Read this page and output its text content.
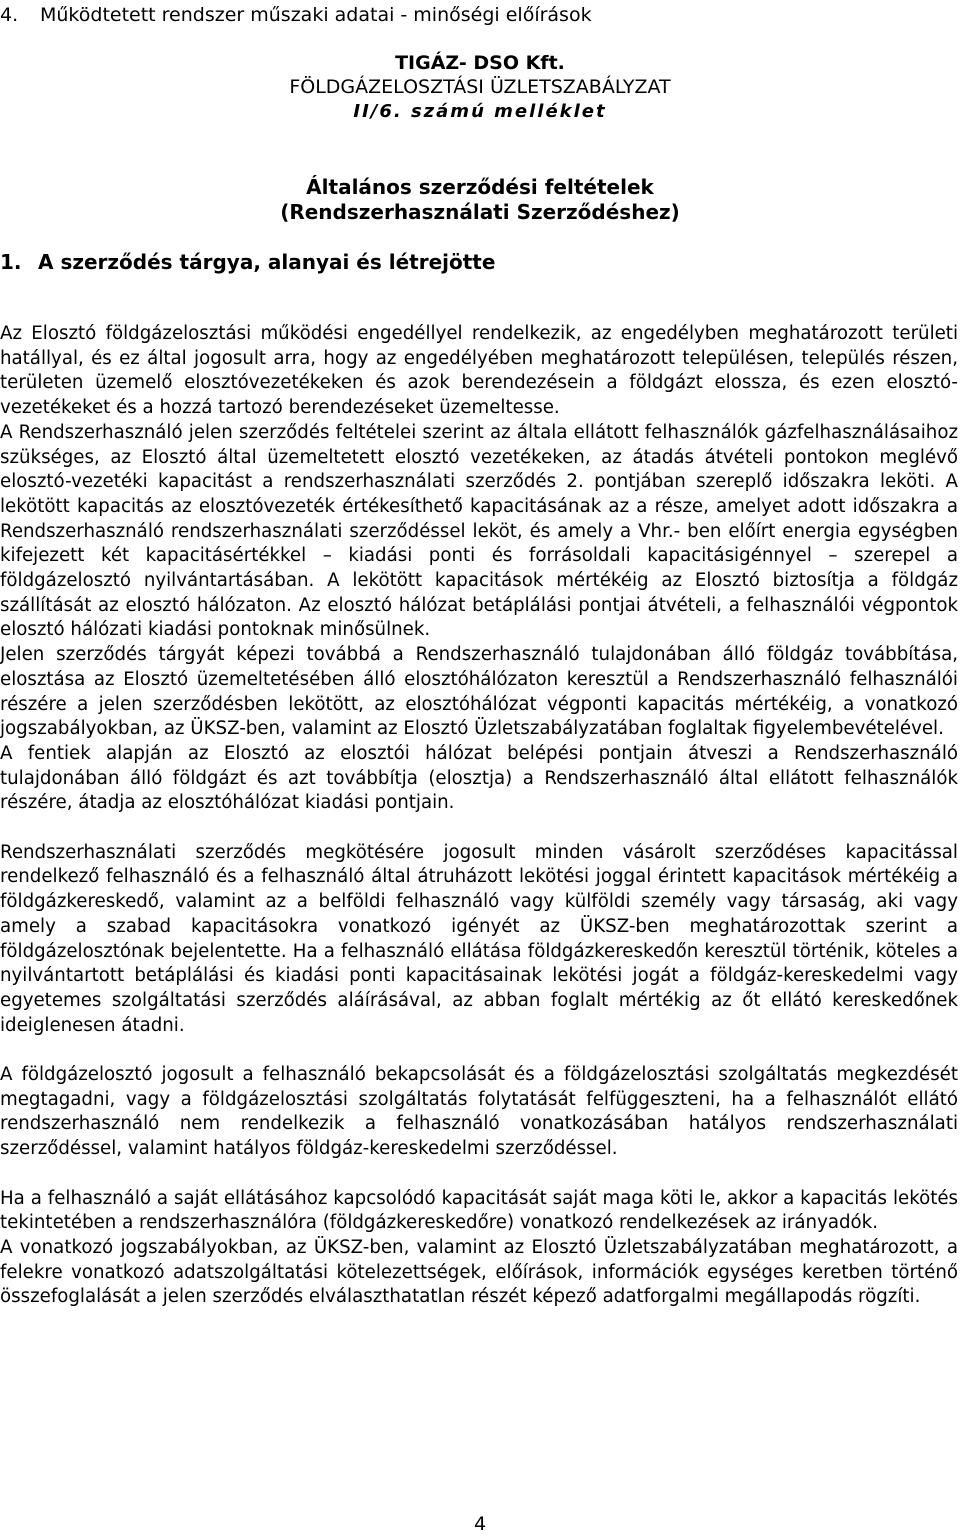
4. Működtetett rendszer műszaki adatai - minőségi előírások
TIGÁZ- DSO Kft.
FÖLDGÁZELOSZTÁSI ÜZLETSZABÁLYZAT
II/6. számú melléklet
Általános szerződési feltételek
(Rendszerhasználati Szerződéshez)
1. A szerződés tárgya, alanyai és létrejötte

Az Elosztó földgázelosztási működési engedéllyel rendelkezik, az engedélyben meghatározott területi hatállyal, és ez által jogosult arra, hogy az engedélyében meghatározott településen, település részen, területen üzemelő elosztóvezetékeken és azok berendezésein a földgázt elossza, és ezen elosztó- vezetékeket és a hozzá tartozó berendezéseket üzemeltesse.

A Rendszerhasználó jelen szerződés feltételei szerint az általa ellátott felhasználók gázfelhasználásaihoz szükséges, az Elosztó által üzemeltetett elosztó vezetékeken, az átadás átvételi pontokon meglévő elosztó-vezetéki kapacitást a rendszerhasználati szerződés 2. pontjában szereplő időszakra leköti. A lekötött kapacitás az elosztóvezeték értékesíthető kapacitásának az a része, amelyet adott időszakra a Rendszerhasználó rendszerhasználati szerződéssel leköt, és amely a Vhr.- ben előírt energia egységben kifejezett két kapacitásértékkel – kiadási ponti és forrásoldali kapacitásigénnyel – szerepel a földgázelosztó nyilvántartásában. A lekötött kapacitások mértékéig az Elosztó biztosítja a földgáz szállítását az elosztó hálózaton. Az elosztó hálózat betáplálási pontjai átvételi, a felhasználói végpontok elosztó hálózati kiadási pontoknak minősülnek.

Jelen szerződés tárgyát képezi továbbá a Rendszerhasználó tulajdonában álló földgáz továbbítása, elosztása az Elosztó üzemeltetésében álló elosztóhálózaton keresztül a Rendszerhasználó felhasználói részére a jelen szerződésben lekötött, az elosztóhálózat végponti kapacitás mértékéig, a vonatkozó jogszabályokban, az ÜKSZ-ben, valamint az Elosztó Üzletszabályzatában foglaltak figyelembevételével.

A fentiek alapján az Elosztó az elosztói hálózat belépési pontjain átveszi a Rendszerhasználó tulajdonában álló földgázt és azt továbbítja (elosztja) a Rendszerhasználó által ellátott felhasználók részére, átadja az elosztóhálózat kiadási pontjain.

Rendszerhasználati szerződés megkötésére jogosult minden vásárolt szerződéses kapacitással rendelkező felhasználó és a felhasználó által átruházott lekötési joggal érintett kapacitások mértékéig a földgázkereskedő, valamint az a belföldi felhasználó vagy külföldi személy vagy társaság, aki vagy amely a szabad kapacitásokra vonatkozó igényét az ÜKSZ-ben meghatározottak szerint a földgázelosztónak bejelentette. Ha a felhasználó ellátása földgázkereskedőn keresztül történik, köteles a nyilvántartott betáplálási és kiadási ponti kapacitásainak lekötési jogát a földgáz-kereskedelmi vagy egyetemes szolgáltatási szerződés aláírásával, az abban foglalt mértékig az őt ellátó kereskedőnek ideiglenesen átadni.

A földgázelosztó jogosult a felhasználó bekapcsolását és a földgázelosztási szolgáltatás megkezdését megtagadni, vagy a földgázelosztási szolgáltatás folytatását felfüggeszteni, ha a felhasználót ellátó rendszerhasználó nem rendelkezik a felhasználó vonatkozásában hatályos rendszerhasználati szerződéssel, valamint hatályos földgáz-kereskedelmi szerződéssel.

Ha a felhasználó a saját ellátásához kapcsolódó kapacitását saját maga köti le, akkor a kapacitás lekötés tekintetében a rendszerhasználóra (földgázkereskedőre) vonatkozó rendelkezések az irányadók.

A vonatkozó jogszabályokban, az ÜKSZ-ben, valamint az Elosztó Üzletszabályzatában meghatározott, a felekre vonatkozó adatszolgáltatási kötelezettségek, előírások, információk egységes keretben történő összefoglalását a jelen szerződés elválaszthatatlan részét képező adatforgalmi megállapodás rögzíti.

4
